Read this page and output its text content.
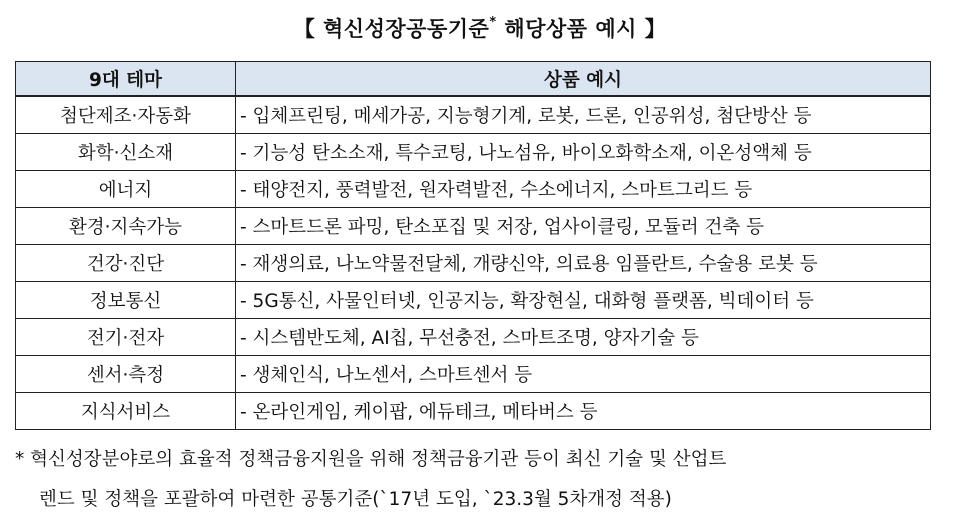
【 혁신성장공동기준* 해당상품 예시 】
9대 테마	상품 예시
첨단제조·자동화	- 입체프린팅, 메세가공, 지능형기계, 로봇, 드론, 인공위성, 첨단방산 등
화학·신소재	- 기능성 탄소소재, 특수코팅, 나노섬유, 바이오화학소재, 이온성액체 등
에너지	- 태양전지, 풍력발전, 원자력발전, 수소에너지, 스마트그리드 등
환경·지속가능	- 스마트드론 파밍, 탄소포집 및 저장, 업사이클링, 모듈러 건축 등
건강·진단	- 재생의료, 나노약물전달체, 개량신약, 의료용 임플란트, 수술용 로봇 등
정보통신	- 5G통신, 사물인터넷, 인공지능, 확장현실, 대화형 플랫폼, 빅데이터 등
전기·전자	- 시스템반도체, AI칩, 무선충전, 스마트조명, 양자기술 등
센서·측정	- 생체인식, 나노센서, 스마트센서 등
지식서비스	- 온라인게임, 케이팝, 에듀테크, 메타버스 등
* 혁신성장분야로의 효율적 정책금융지원을 위해 정책금융기관 등이 최신 기술 및 산업트
렌드 및 정책을 포괄하여 마련한 공통기준(`17년 도입, `23.3월 5차개정 적용)
